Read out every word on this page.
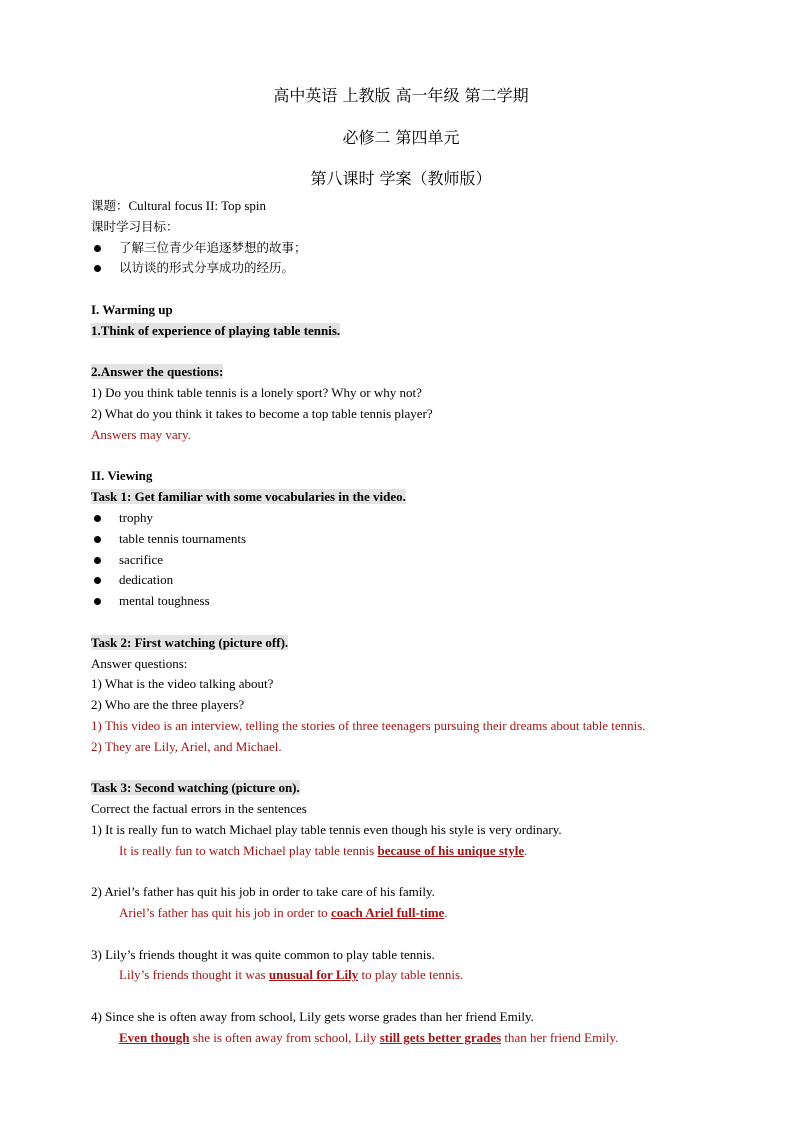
高中英语 上教版 高一年级 第二学期
必修二 第四单元
第八课时 学案（教师版）
课题：Cultural focus II: Top spin
课时学习目标：
了解三位青少年追逐梦想的故事；
以访谈的形式分享成功的经历。
I. Warming up
1.Think of experience of playing table tennis.
2.Answer the questions:
1) Do you think table tennis is a lonely sport? Why or why not?
2) What do you think it takes to become a top table tennis player?
Answers may vary.
II. Viewing
Task 1: Get familiar with some vocabularies in the video.
trophy
table tennis tournaments
sacrifice
dedication
mental toughness
Task 2: First watching (picture off).
Answer questions:
1) What is the video talking about?
2) Who are the three players?
1) This video is an interview, telling the stories of three teenagers pursuing their dreams about table tennis.
2) They are Lily, Ariel, and Michael.
Task 3: Second watching (picture on).
Correct the factual errors in the sentences
1) It is really fun to watch Michael play table tennis even though his style is very ordinary.
It is really fun to watch Michael play table tennis because of his unique style.
2) Ariel’s father has quit his job in order to take care of his family.
Ariel’s father has quit his job in order to coach Ariel full-time.
3) Lily’s friends thought it was quite common to play table tennis.
Lily’s friends thought it was unusual for Lily to play table tennis.
4) Since she is often away from school, Lily gets worse grades than her friend Emily.
Even though she is often away from school, Lily still gets better grades than her friend Emily.
